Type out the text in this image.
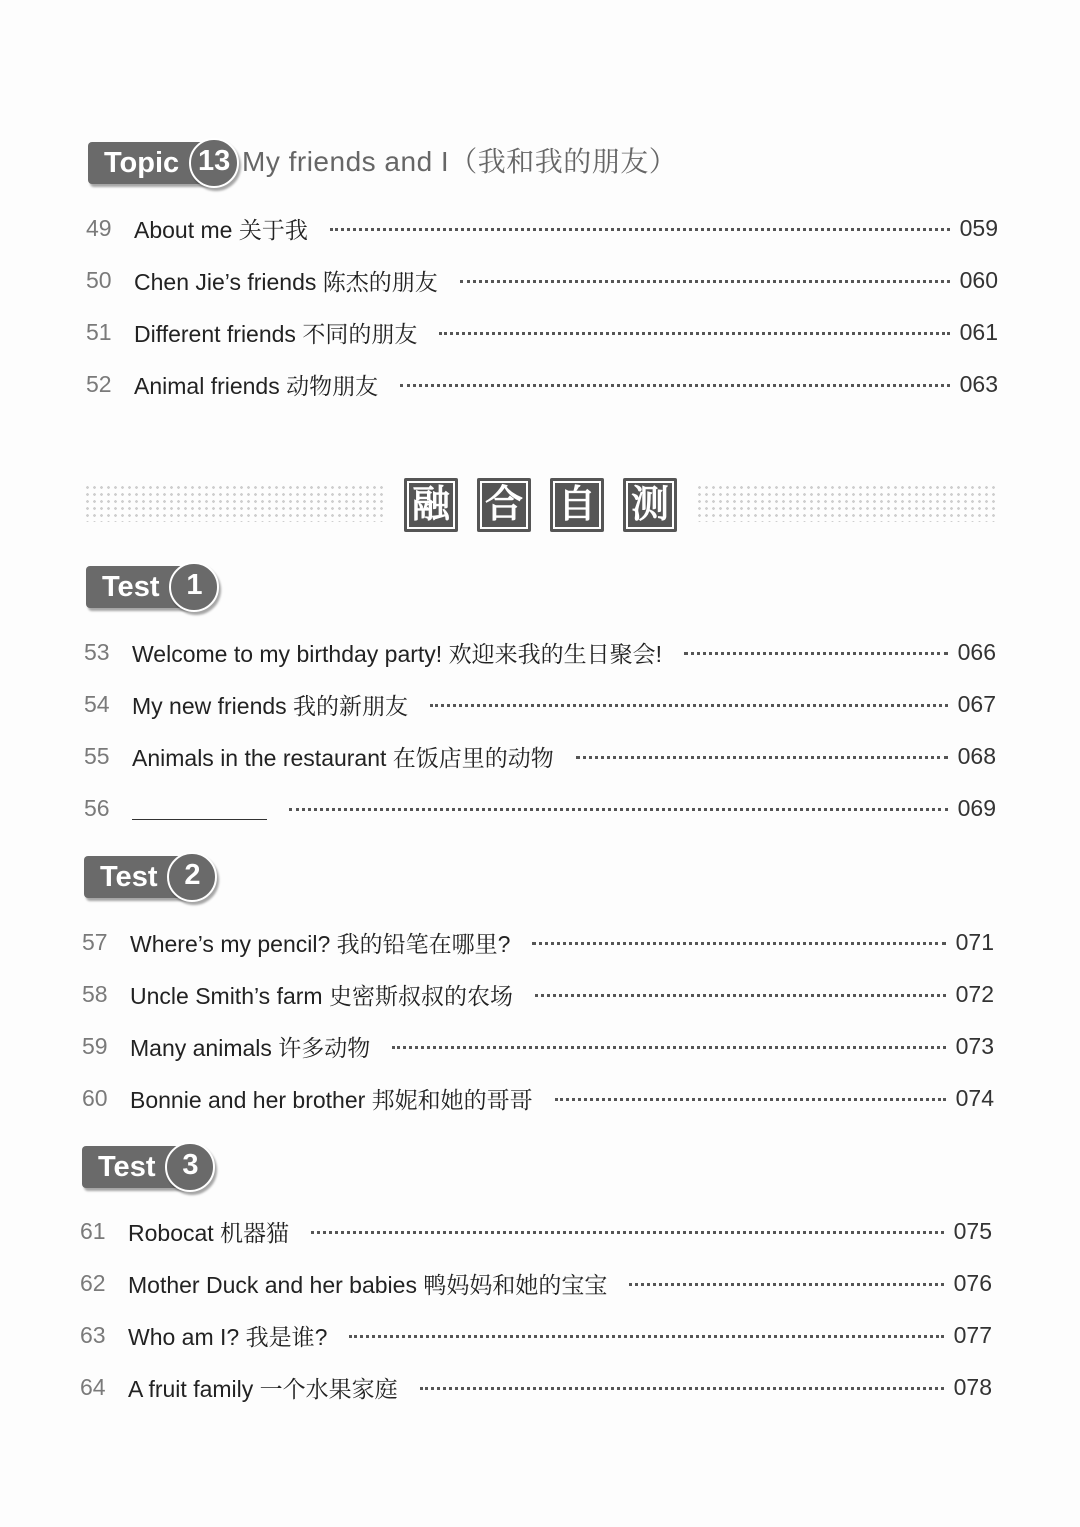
Topic 13 My friends and I（我和我的朋友）
49 About me 关于我	059
50 Chen Jie’s friends 陈杰的朋友	060
51 Different friends 不同的朋友	061
52 Animal friends 动物朋友	063
融 合 自 测
Test 1
53 Welcome to my birthday party! 欢迎来我的生日聚会!	066
54 My new friends 我的新朋友	067
55 Animals in the restaurant 在饭店里的动物	068
56	069
Test 2
57 Where’s my pencil? 我的铅笔在哪里?	071
58 Uncle Smith’s farm 史密斯叔叔的农场	072
59 Many animals 许多动物	073
60 Bonnie and her brother 邦妮和她的哥哥	074
Test 3
61 Robocat 机器猫	075
62 Mother Duck and her babies 鸭妈妈和她的宝宝	076
63 Who am I? 我是谁?	077
64 A fruit family 一个水果家庭	078
